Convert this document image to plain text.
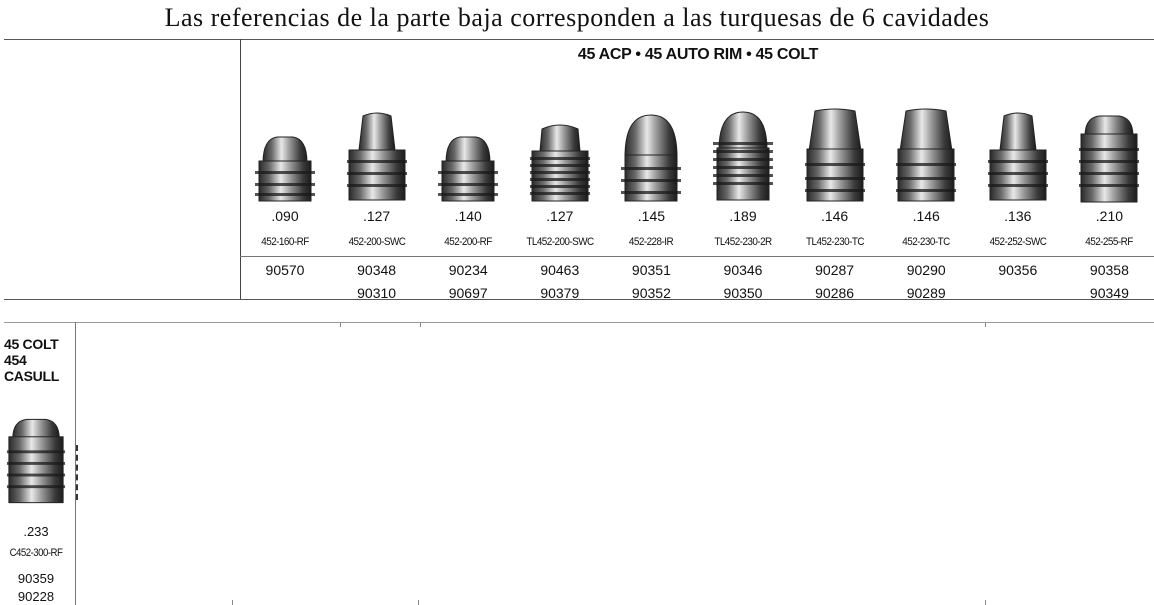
Las referencias de la parte baja corresponden a las turquesas de 6 cavidades
45 ACP • 45 AUTO RIM • 45 COLT
.090
452-160-RF
90570
.127
452-200-SWC
90348
90310
.140
452-200-RF
90234
90697
.127
TL452-200-SWC
90463
90379
.145
452-228-IR
90351
90352
.189
TL452-230-2R
90346
90350
.146
TL452-230-TC
90287
90286
.146
452-230-TC
90290
90289
.136
452-252-SWC
90356
.210
452-255-RF
90358
90349
45 COLT
454
CASULL
.233
C452-300-RF
90359
90228
